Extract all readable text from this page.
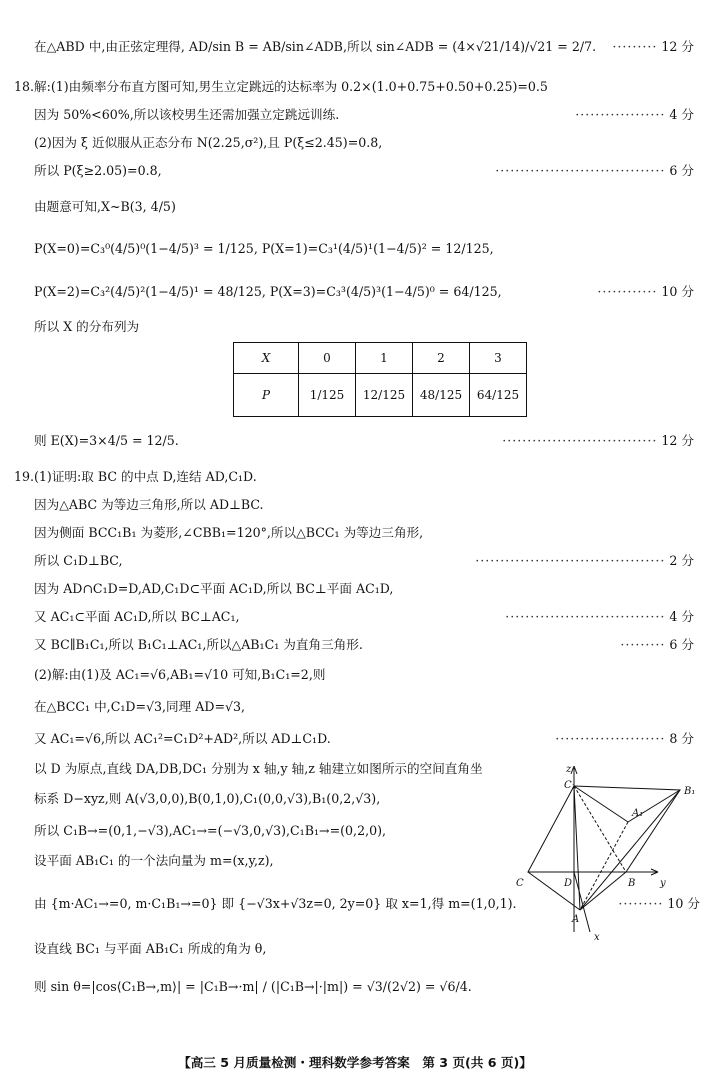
在△ABD 中,由正弦定理得, AD/sin B = AB/sin∠ADB,所以 sin∠ADB = (4×√21/14)/√21 = 2/7. ········· 12 分
18. 解:(1)由频率分布直方图可知,男生立定跳远的达标率为 0.2×(1.0+0.75+0.50+0.25)=0.5
因为 50%<60%,所以该校男生还需加强立定跳远训练.	·················· 4 分
(2)因为 ξ 近似服从正态分布 N(2.25,σ²),且 P(ξ≤2.45)=0.8,
所以 P(ξ≥2.05)=0.8,	·································· 6 分
由题意可知,X~B(3, 4/5)
P(X=0)=C₃⁰(4/5)⁰(1−4/5)³ = 1/125, P(X=1)=C₃¹(4/5)¹(1−4/5)² = 12/125,
P(X=2)=C₃²(4/5)²(1−4/5)¹ = 48/125, P(X=3)=C₃³(4/5)³(1−4/5)⁰ = 64/125,	············ 10 分
所以 X 的分布列为
X	0	1	2	3
P	1/125	12/125	48/125	64/125
则 E(X)=3×4/5 = 12/5.	······························· 12 分
19. (1)证明:取 BC 的中点 D,连结 AD,C₁D.
因为△ABC 为等边三角形,所以 AD⊥BC.
因为侧面 BCC₁B₁ 为菱形,∠CBB₁=120°,所以△BCC₁ 为等边三角形,
所以 C₁D⊥BC,	······································ 2 分
因为 AD∩C₁D=D,AD,C₁D⊂平面 AC₁D,所以 BC⊥平面 AC₁D,
又 AC₁⊂平面 AC₁D,所以 BC⊥AC₁,	································ 4 分
又 BC∥B₁C₁,所以 B₁C₁⊥AC₁,所以△AB₁C₁ 为直角三角形.	········· 6 分
(2)解:由(1)及 AC₁=√6,AB₁=√10 可知,B₁C₁=2,则
在△BCC₁ 中,C₁D=√3,同理 AD=√3,
又 AC₁=√6,所以 AC₁²=C₁D²+AD²,所以 AD⊥C₁D.	······················ 8 分
以 D 为原点,直线 DA,DB,DC₁ 分别为 x 轴,y 轴,z 轴建立如图所示的空间直角坐
标系 D−xyz,则 A(√3,0,0),B(0,1,0),C₁(0,0,√3),B₁(0,2,√3),
所以 C₁B→=(0,1,−√3),AC₁→=(−√3,0,√3),C₁B₁→=(0,2,0),
设平面 AB₁C₁ 的一个法向量为 m=(x,y,z),
由 {m·AC₁→=0, m·C₁B₁→=0} 即 {−√3x+√3z=0, 2y=0} 取 x=1,得 m=(1,0,1).	········· 10 分
设直线 BC₁ 与平面 AB₁C₁ 所成的角为 θ,
则 sin θ=|cos⟨C₁B→,m⟩| = |C₁B→·m| / (|C₁B→|·|m|) = √3/(2√2) = √6/4.
C₁
B₁
A₁
C	D	B
A
z
y
x
【高三 5 月质量检测・理科数学参考答案　第 3 页(共 6 页)】
